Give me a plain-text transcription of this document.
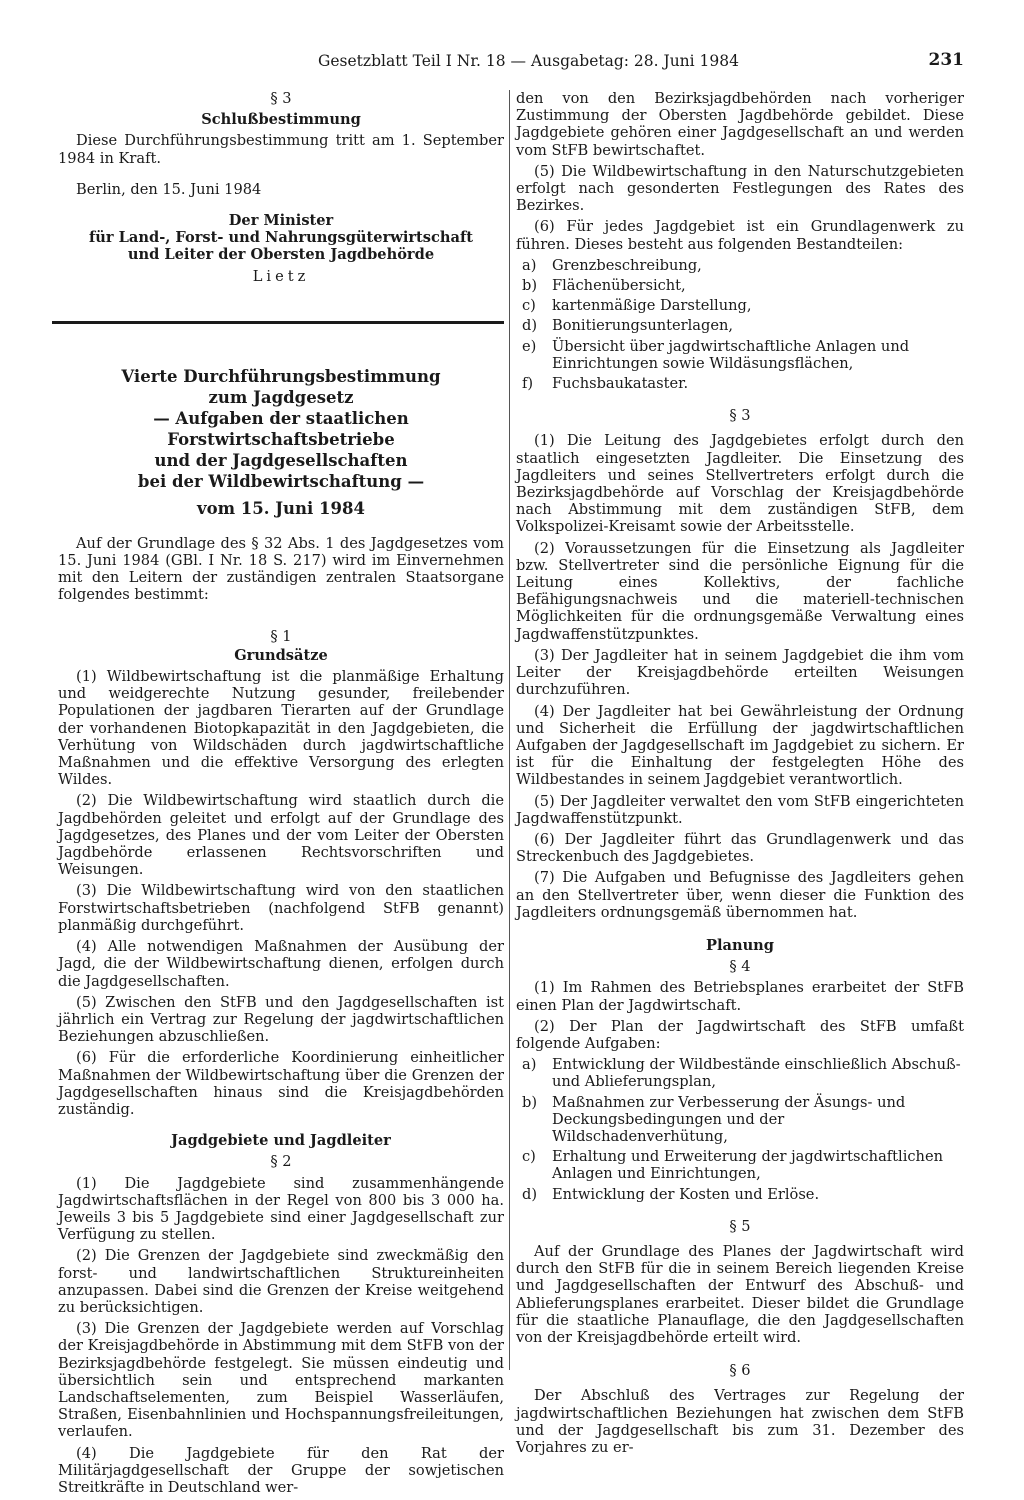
Gesetzblatt Teil I Nr. 18 — Ausgabetag: 28. Juni 1984	231

§ 3

Schlußbestimmung

Diese Durchführungsbestimmung tritt am 1. September 1984 in Kraft.

Berlin, den 15. Juni 1984

Der Minister

für Land-, Forst- und Nahrungsgüterwirtschaft

und Leiter der Obersten Jagdbehörde

Lietz

Vierte Durchführungsbestimmung

zum Jagdgesetz

— Aufgaben der staatlichen Forstwirtschaftsbetriebe

und der Jagdgesellschaften

bei der Wildbewirtschaftung —

vom 15. Juni 1984

Auf der Grundlage des § 32 Abs. 1 des Jagdgesetzes vom 15. Juni 1984 (GBl. I Nr. 18 S. 217) wird im Einvernehmen mit den Leitern der zuständigen zentralen Staatsorgane folgendes bestimmt:

§ 1

Grundsätze

(1) Wildbewirtschaftung ist die planmäßige Erhaltung und weidgerechte Nutzung gesunder, freilebender Populationen der jagdbaren Tierarten auf der Grundlage der vorhandenen Biotopkapazität in den Jagdgebieten, die Verhütung von Wildschäden durch jagdwirtschaftliche Maßnahmen und die effektive Versorgung des erlegten Wildes.

(2) Die Wildbewirtschaftung wird staatlich durch die Jagdbehörden geleitet und erfolgt auf der Grundlage des Jagdgesetzes, des Planes und der vom Leiter der Obersten Jagdbehörde erlassenen Rechtsvorschriften und Weisungen.

(3) Die Wildbewirtschaftung wird von den staatlichen Forstwirtschaftsbetrieben (nachfolgend StFB genannt) planmäßig durchgeführt.

(4) Alle notwendigen Maßnahmen der Ausübung der Jagd, die der Wildbewirtschaftung dienen, erfolgen durch die Jagdgesellschaften.

(5) Zwischen den StFB und den Jagdgesellschaften ist jährlich ein Vertrag zur Regelung der jagdwirtschaftlichen Beziehungen abzuschließen.

(6) Für die erforderliche Koordinierung einheitlicher Maßnahmen der Wildbewirtschaftung über die Grenzen der Jagdgesellschaften hinaus sind die Kreisjagdbehörden zuständig.

Jagdgebiete und Jagdleiter

§ 2

(1) Die Jagdgebiete sind zusammenhängende Jagdwirtschaftsflächen in der Regel von 800 bis 3 000 ha. Jeweils 3 bis 5 Jagdgebiete sind einer Jagdgesellschaft zur Verfügung zu stellen.

(2) Die Grenzen der Jagdgebiete sind zweckmäßig den forst- und landwirtschaftlichen Struktureinheiten anzupassen. Dabei sind die Grenzen der Kreise weitgehend zu berücksichtigen.

(3) Die Grenzen der Jagdgebiete werden auf Vorschlag der Kreisjagdbehörde in Abstimmung mit dem StFB von der Bezirksjagdbehörde festgelegt. Sie müssen eindeutig und übersichtlich sein und entsprechend markanten Landschaftselementen, zum Beispiel Wasserläufen, Straßen, Eisenbahnlinien und Hochspannungsfreileitungen, verlaufen.

(4) Die Jagdgebiete für den Rat der Militärjagdgesellschaft der Gruppe der sowjetischen Streitkräfte in Deutschland wer-

den von den Bezirksjagdbehörden nach vorheriger Zustimmung der Obersten Jagdbehörde gebildet. Diese Jagdgebiete gehören einer Jagdgesellschaft an und werden vom StFB bewirtschaftet.

(5) Die Wildbewirtschaftung in den Naturschutzgebieten erfolgt nach gesonderten Festlegungen des Rates des Bezirkes.

(6) Für jedes Jagdgebiet ist ein Grundlagenwerk zu führen. Dieses besteht aus folgenden Bestandteilen:

a)	Grenzbeschreibung,
b)	Flächenübersicht,
c)	kartenmäßige Darstellung,
d)	Bonitierungsunterlagen,
e)	Übersicht über jagdwirtschaftliche Anlagen und Einrichtungen sowie Wildäsungsflächen,
f)	Fuchsbaukataster.

§ 3

(1) Die Leitung des Jagdgebietes erfolgt durch den staatlich eingesetzten Jagdleiter. Die Einsetzung des Jagdleiters und seines Stellvertreters erfolgt durch die Bezirksjagdbehörde auf Vorschlag der Kreisjagdbehörde nach Abstimmung mit dem zuständigen StFB, dem Volkspolizei-Kreisamt sowie der Arbeitsstelle.

(2) Voraussetzungen für die Einsetzung als Jagdleiter bzw. Stellvertreter sind die persönliche Eignung für die Leitung eines Kollektivs, der fachliche Befähigungsnachweis und die materiell-technischen Möglichkeiten für die ordnungsgemäße Verwaltung eines Jagdwaffenstützpunktes.

(3) Der Jagdleiter hat in seinem Jagdgebiet die ihm vom Leiter der Kreisjagdbehörde erteilten Weisungen durchzuführen.

(4) Der Jagdleiter hat bei Gewährleistung der Ordnung und Sicherheit die Erfüllung der jagdwirtschaftlichen Aufgaben der Jagdgesellschaft im Jagdgebiet zu sichern. Er ist für die Einhaltung der festgelegten Höhe des Wildbestandes in seinem Jagdgebiet verantwortlich.

(5) Der Jagdleiter verwaltet den vom StFB eingerichteten Jagdwaffenstützpunkt.

(6) Der Jagdleiter führt das Grundlagenwerk und das Streckenbuch des Jagdgebietes.

(7) Die Aufgaben und Befugnisse des Jagdleiters gehen an den Stellvertreter über, wenn dieser die Funktion des Jagdleiters ordnungsgemäß übernommen hat.

Planung

§ 4

(1) Im Rahmen des Betriebsplanes erarbeitet der StFB einen Plan der Jagdwirtschaft.

(2) Der Plan der Jagdwirtschaft des StFB umfaßt folgende Aufgaben:

a)	Entwicklung der Wildbestände einschließlich Abschuß- und Ablieferungsplan,
b)	Maßnahmen zur Verbesserung der Äsungs- und Deckungsbedingungen und der Wildschadenverhütung,
c)	Erhaltung und Erweiterung der jagdwirtschaftlichen Anlagen und Einrichtungen,
d)	Entwicklung der Kosten und Erlöse.

§ 5

Auf der Grundlage des Planes der Jagdwirtschaft wird durch den StFB für die in seinem Bereich liegenden Kreise und Jagdgesellschaften der Entwurf des Abschuß- und Ablieferungsplanes erarbeitet. Dieser bildet die Grundlage für die staatliche Planauflage, die den Jagdgesellschaften von der Kreisjagdbehörde erteilt wird.

§ 6

Der Abschluß des Vertrages zur Regelung der jagdwirtschaftlichen Beziehungen hat zwischen dem StFB und der Jagdgesellschaft bis zum 31. Dezember des Vorjahres zu er-
